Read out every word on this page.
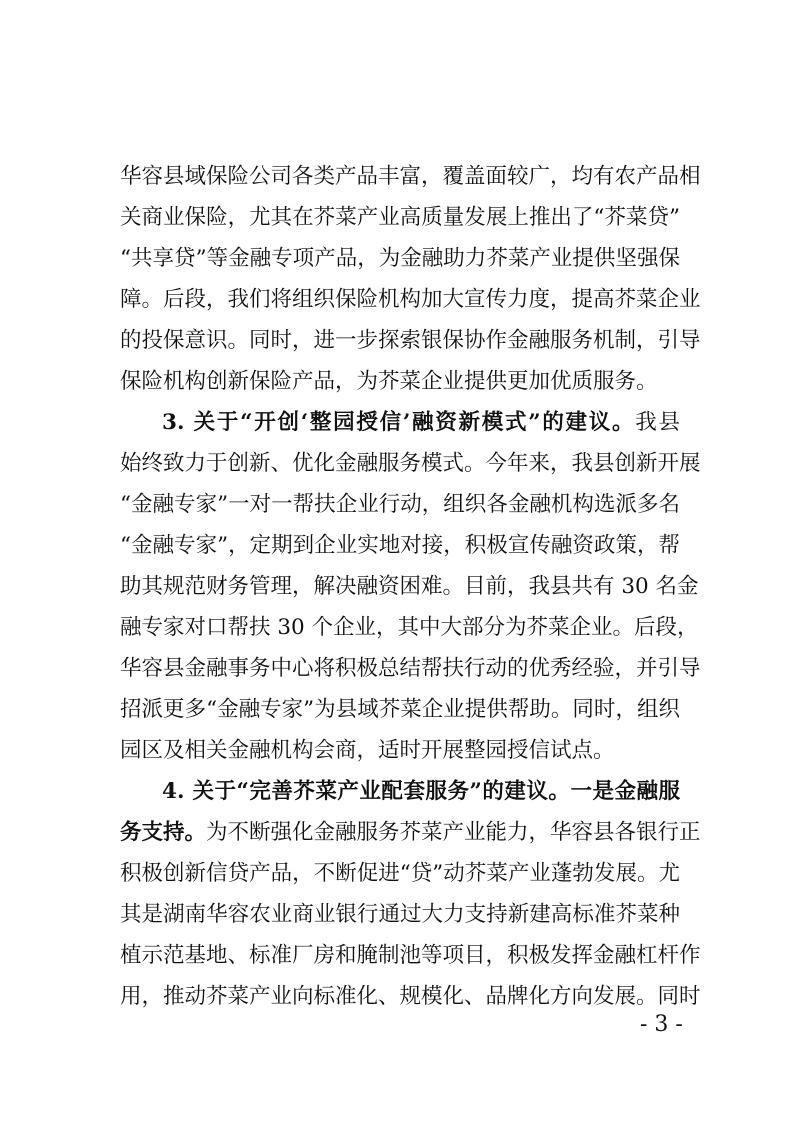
华容县域保险公司各类产品丰富，覆盖面较广，均有农产品相
关商业保险，尤其在芥菜产业高质量发展上推出了“芥菜贷”
“共享贷”等金融专项产品，为金融助力芥菜产业提供坚强保
障。后段，我们将组织保险机构加大宣传力度，提高芥菜企业
的投保意识。同时，进一步探索银保协作金融服务机制，引导
保险机构创新保险产品，为芥菜企业提供更加优质服务。
3. 关于“开创‘整园授信’融资新模式”的建议。我县
始终致力于创新、优化金融服务模式。今年来，我县创新开展
“金融专家”一对一帮扶企业行动，组织各金融机构选派多名
“金融专家”，定期到企业实地对接，积极宣传融资政策，帮
助其规范财务管理，解决融资困难。目前，我县共有 30 名金
融专家对口帮扶 30 个企业，其中大部分为芥菜企业。后段，
华容县金融事务中心将积极总结帮扶行动的优秀经验，并引导
招派更多“金融专家”为县域芥菜企业提供帮助。同时，组织
园区及相关金融机构会商，适时开展整园授信试点。
4. 关于“完善芥菜产业配套服务”的建议。一是金融服
务支持。为不断强化金融服务芥菜产业能力，华容县各银行正
积极创新信贷产品，不断促进“贷”动芥菜产业蓬勃发展。尤
其是湖南华容农业商业银行通过大力支持新建高标准芥菜种
植示范基地、标准厂房和腌制池等项目，积极发挥金融杠杆作
用，推动芥菜产业向标准化、规模化、品牌化方向发展。同时
- 3 -
